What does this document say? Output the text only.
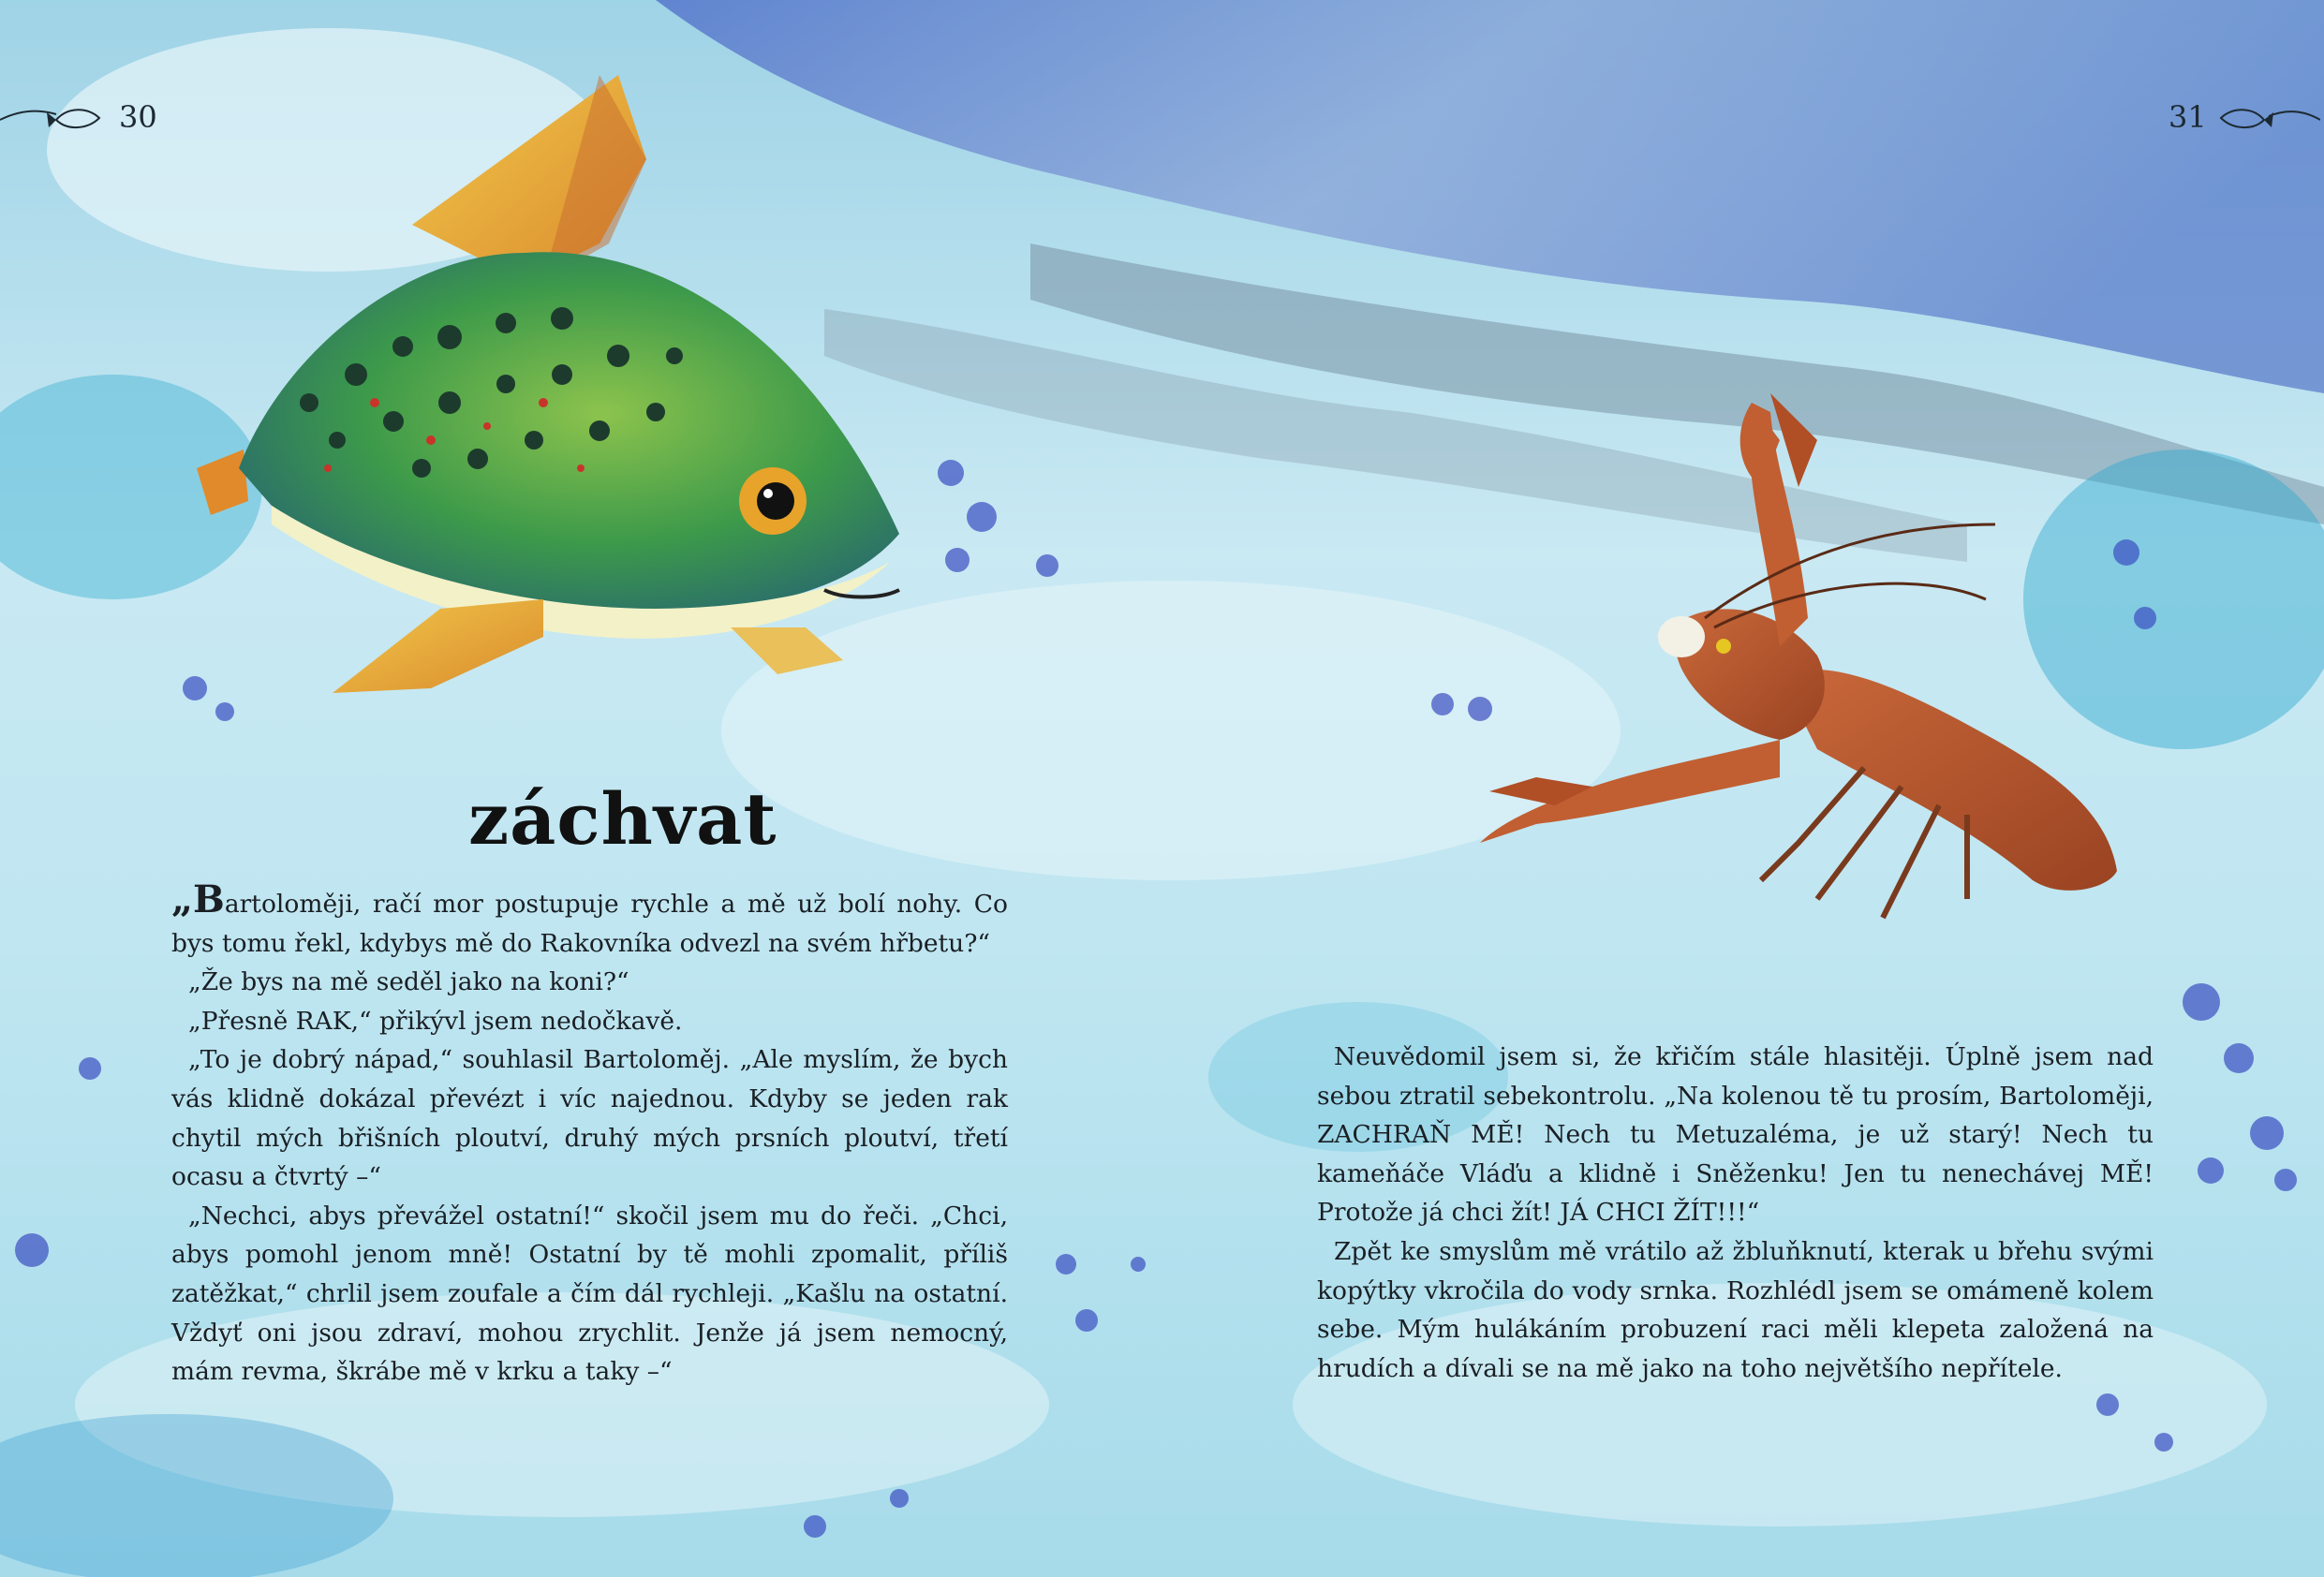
30	31
záchvat

„Bartoloměji, račí mor postupuje rychle a mě už bolí nohy. Co bys tomu řekl, kdybys mě do Rakovníka odvezl na svém hřbetu?“

„Že bys na mě seděl jako na koni?“

„Přesně RAK,“ přikývl jsem nedočkavě.

„To je dobrý nápad,“ souhlasil Bartoloměj. „Ale myslím, že bych vás klidně dokázal převézt i víc najednou. Kdyby se jeden rak chytil mých břišních ploutví, druhý mých prsních ploutví, třetí ocasu a čtvrtý –“

„Nechci, abys převážel ostatní!“ skočil jsem mu do řeči. „Chci, abys pomohl jenom mně! Ostatní by tě mohli zpomalit, příliš zatěžkat,“ chrlil jsem zoufale a čím dál rychleji. „Kašlu na ostatní. Vždyť oni jsou zdraví, mohou zrychlit. Jenže já jsem nemocný, mám revma, škrábe mě v krku a taky –“

Neuvědomil jsem si, že křičím stále hlasitěji. Úplně jsem nad sebou ztratil sebekontrolu. „Na kolenou tě tu prosím, Bartoloměji, ZACHRAŇ MĚ! Nech tu Metuzaléma, je už starý! Nech tu kameňáče Vláďu a klidně i Sněženku! Jen tu nenechávej MĚ! Protože já chci žít! JÁ CHCI ŽÍT!!!“

Zpět ke smyslům mě vrátilo až žbluňknutí, kterak u břehu svými kopýtky vkročila do vody srnka. Rozhlédl jsem se omámeně kolem sebe. Mým hulákáním probuzení raci měli klepeta založená na hrudích a dívali se na mě jako na toho největšího nepřítele.
